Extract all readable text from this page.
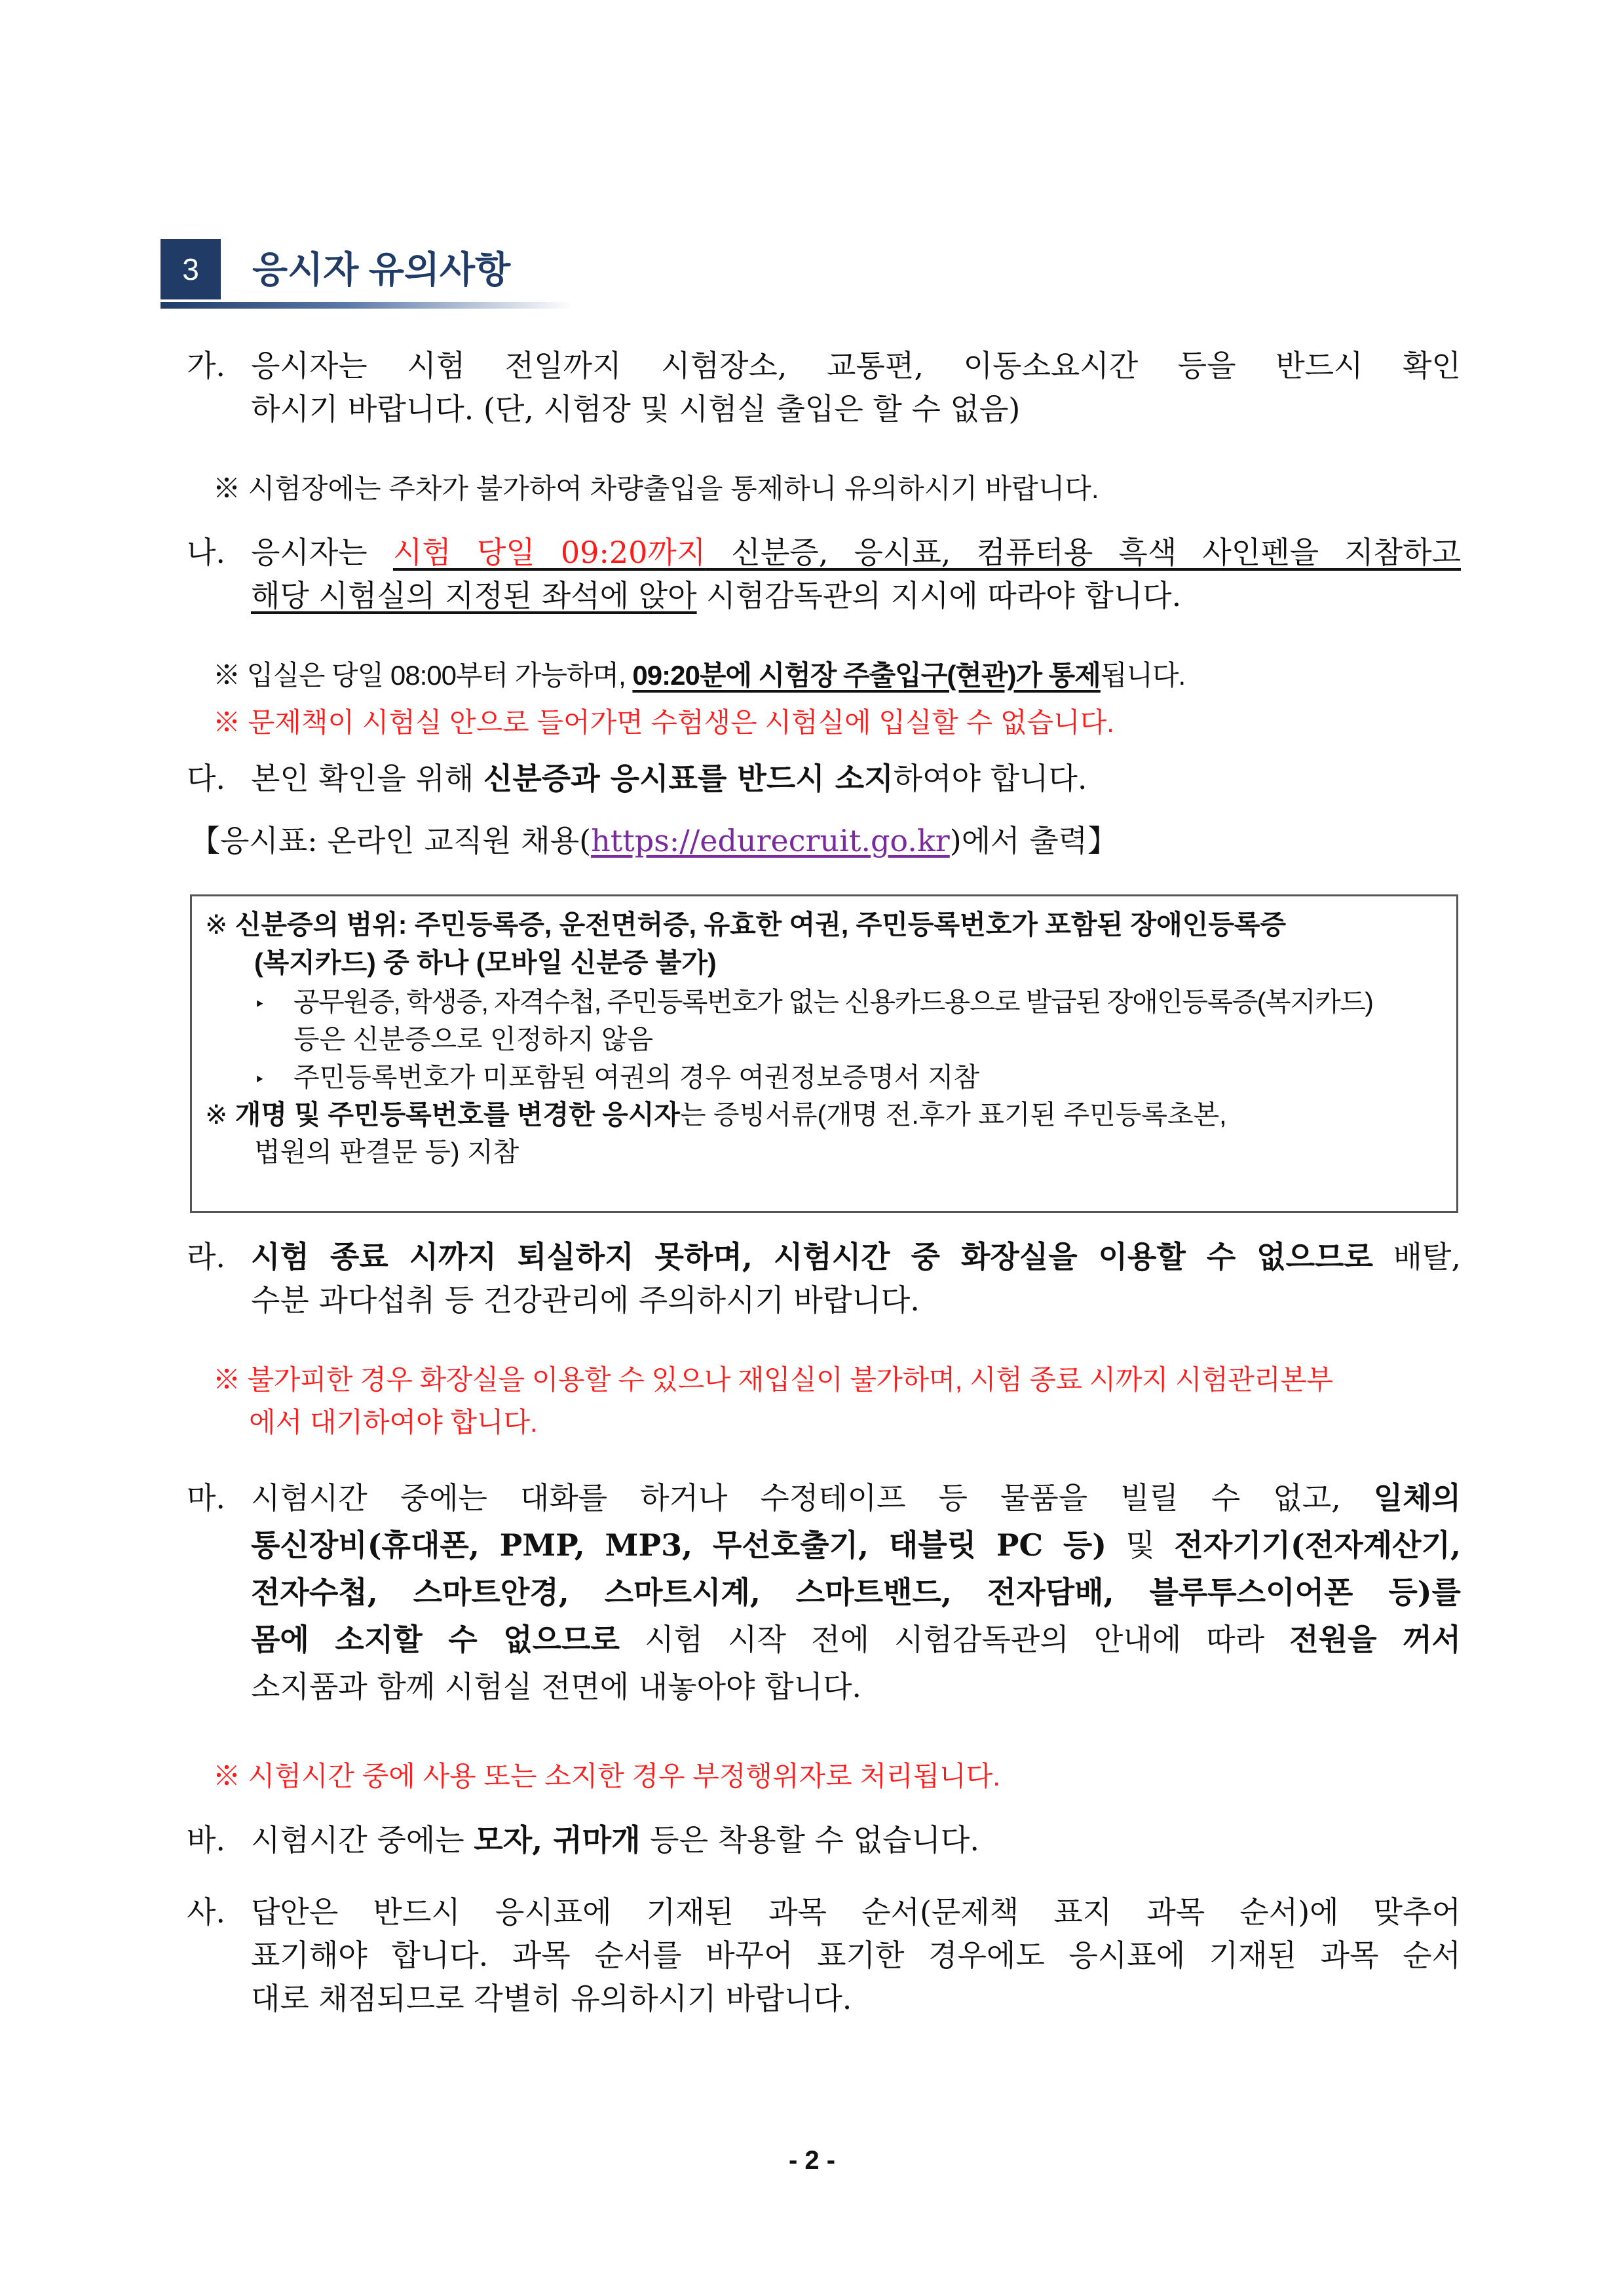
3	응시자 유의사항
가. 응시자는 시험 전일까지 시험장소, 교통편, 이동소요시간 등을 반드시 확인
하시기 바랍니다. (단, 시험장 및 시험실 출입은 할 수 없음)
※ 시험장에는 주차가 불가하여 차량출입을 통제하니 유의하시기 바랍니다.
나. 응시자는 시험 당일 09:20까지 신분증, 응시표, 컴퓨터용 흑색 사인펜을 지참하고
해당 시험실의 지정된 좌석에 앉아 시험감독관의 지시에 따라야 합니다.
※ 입실은 당일 08:00부터 가능하며, 09:20분에 시험장 주출입구(현관)가 통제됩니다.
※ 문제책이 시험실 안으로 들어가면 수험생은 시험실에 입실할 수 없습니다.
다. 본인 확인을 위해 신분증과 응시표를 반드시 소지하여야 합니다.
【응시표: 온라인 교직원 채용(https://edurecruit.go.kr)에서 출력】
※ 신분증의 범위: 주민등록증, 운전면허증, 유효한 여권, 주민등록번호가 포함된 장애인등록증
(복지카드) 중 하나 (모바일 신분증 불가)
‣ 공무원증, 학생증, 자격수첩, 주민등록번호가 없는 신용카드용으로 발급된 장애인등록증(복지카드)
등은 신분증으로 인정하지 않음
‣ 주민등록번호가 미포함된 여권의 경우 여권정보증명서 지참
※ 개명 및 주민등록번호를 변경한 응시자는 증빙서류(개명 전.후가 표기된 주민등록초본,
법원의 판결문 등) 지참
라. 시험 종료 시까지 퇴실하지 못하며, 시험시간 중 화장실을 이용할 수 없으므로 배탈,
수분 과다섭취 등 건강관리에 주의하시기 바랍니다.
※ 불가피한 경우 화장실을 이용할 수 있으나 재입실이 불가하며, 시험 종료 시까지 시험관리본부
에서 대기하여야 합니다.
마. 시험시간 중에는 대화를 하거나 수정테이프 등 물품을 빌릴 수 없고, 일체의
통신장비(휴대폰, PMP, MP3, 무선호출기, 태블릿 PC 등) 및 전자기기(전자계산기,
전자수첩, 스마트안경, 스마트시계, 스마트밴드, 전자담배, 블루투스이어폰 등)를
몸에 소지할 수 없으므로 시험 시작 전에 시험감독관의 안내에 따라 전원을 꺼서
소지품과 함께 시험실 전면에 내놓아야 합니다.
※ 시험시간 중에 사용 또는 소지한 경우 부정행위자로 처리됩니다.
바. 시험시간 중에는 모자, 귀마개 등은 착용할 수 없습니다.
사. 답안은 반드시 응시표에 기재된 과목 순서(문제책 표지 과목 순서)에 맞추어
표기해야 합니다. 과목 순서를 바꾸어 표기한 경우에도 응시표에 기재된 과목 순서
대로 채점되므로 각별히 유의하시기 바랍니다.
- 2 -
